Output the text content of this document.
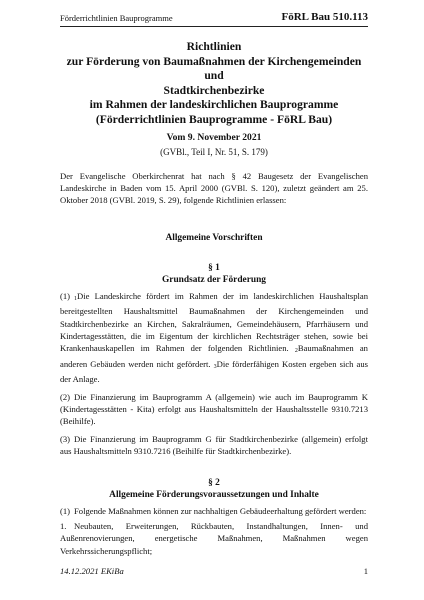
Förderrichtlinien Bauprogramme	FöRL Bau 510.113
Richtlinien
zur Förderung von Baumaßnahmen der Kirchengemeinden und
Stadtkirchenbezirke
im Rahmen der landeskirchlichen Bauprogramme
(Förderrichtlinien Bauprogramme - FöRL Bau)
Vom 9. November 2021
(GVBl., Teil I, Nr. 51, S. 179)
Der Evangelische Oberkirchenrat hat nach § 42 Baugesetz der Evangelischen Landeskirche in Baden vom 15. April 2000 (GVBl. S. 120), zuletzt geändert am 25. Oktober 2018 (GVBl. 2019, S. 29), folgende Richtlinien erlassen:
Allgemeine Vorschriften
§ 1
Grundsatz der Förderung
(1) $_1$Die Landeskirche fördert im Rahmen der im landeskirchlichen Haushaltsplan bereitgestellten Haushaltsmittel Baumaßnahmen der Kirchengemeinden und Stadtkirchenbezirke an Kirchen, Sakralräumen, Gemeindehäusern, Pfarrhäusern und Kindertagesstätten, die im Eigentum der kirchlichen Rechtsträger stehen, sowie bei Krankenhauskapellen im Rahmen der folgenden Richtlinien. $_2$Baumaßnahmen an anderen Gebäuden werden nicht gefördert. $_3$Die förderfähigen Kosten ergeben sich aus der Anlage.
(2) Die Finanzierung im Bauprogramm A (allgemein) wie auch im Bauprogramm K (Kindertagesstätten - Kita) erfolgt aus Haushaltsmitteln der Haushaltsstelle 9310.7213 (Beihilfe).
(3) Die Finanzierung im Bauprogramm G für Stadtkirchenbezirke (allgemein) erfolgt aus Haushaltsmitteln 9310.7216 (Beihilfe für Stadtkirchenbezirke).
§ 2
Allgemeine Förderungsvoraussetzungen und Inhalte
(1) Folgende Maßnahmen können zur nachhaltigen Gebäudeerhaltung gefördert werden:
1. Neubauten, Erweiterungen, Rückbauten, Instandhaltungen, Innen- und Außenrenovierungen, energetische Maßnahmen, Maßnahmen wegen Verkehrssicherungspflicht;
14.12.2021 EKiBa	1
